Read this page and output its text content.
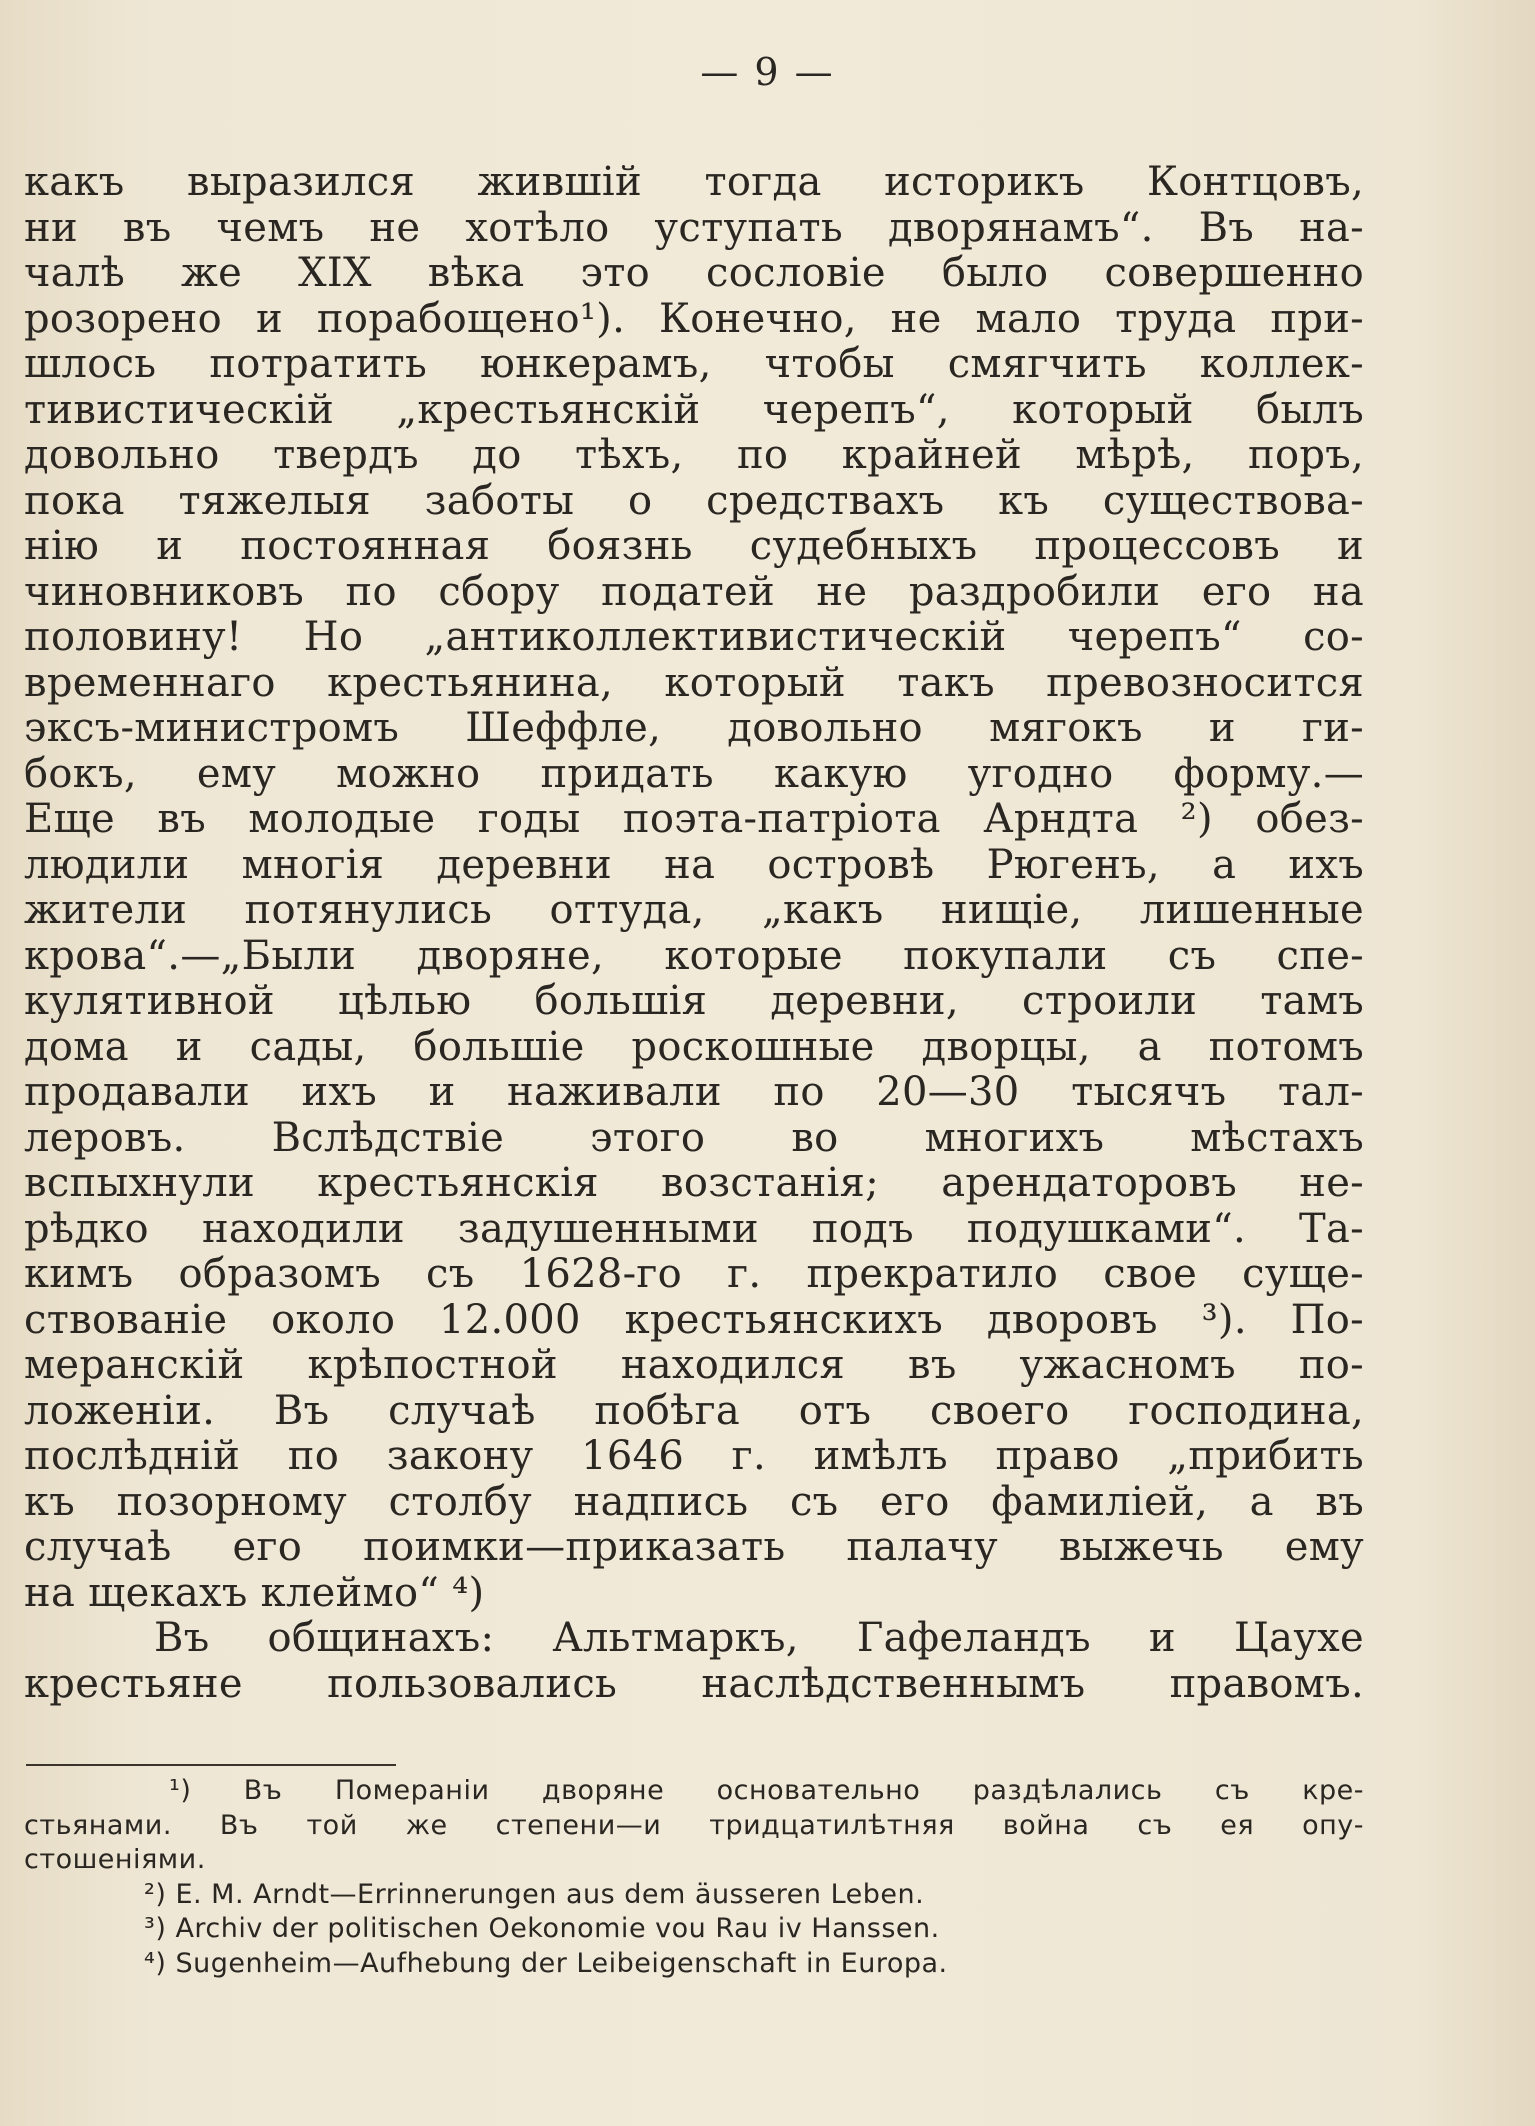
— 9 —
какъ выразился жившій тогда историкъ Контцовъ,
ни въ чемъ не хотѣло уступать дворянамъ“. Въ на-
чалѣ же XIX вѣка это сословіе было совершенно
розорено и порабощено¹). Конечно, не мало труда при-
шлось потратить юнкерамъ, чтобы смягчить коллек-
тивистическій „крестьянскій черепъ“, который былъ
довольно твердъ до тѣхъ, по крайней мѣрѣ, поръ,
пока тяжелыя заботы о средствахъ къ существова-
нію и постоянная боязнь судебныхъ процессовъ и
чиновниковъ по сбору податей не раздробили его на
половину! Но „антиколлективистическій черепъ“ со-
временнаго крестьянина, который такъ превозносится
эксъ-министромъ Шеффле, довольно мягокъ и ги-
бокъ, ему можно придать какую угодно форму.—
Еще въ молодые годы поэта-патріота Арндта ²) обез-
людили многія деревни на островѣ Рюгенъ, а ихъ
жители потянулись оттуда, „какъ нищіе, лишенные
крова“.—„Были дворяне, которые покупали съ спе-
кулятивной цѣлью большія деревни, строили тамъ
дома и сады, большіе роскошные дворцы, а потомъ
продавали ихъ и наживали по 20—30 тысячъ тал-
леровъ. Вслѣдствіе этого во многихъ мѣстахъ
вспыхнули крестьянскія возстанія; арендаторовъ не-
рѣдко находили задушенными подъ подушками“. Та-
кимъ образомъ съ 1628-го г. прекратило свое суще-
ствованіе около 12.000 крестьянскихъ дворовъ ³). По-
меранскій крѣпостной находился въ ужасномъ по-
ложеніи. Въ случаѣ побѣга отъ своего господина,
послѣдній по закону 1646 г. имѣлъ право „прибить
къ позорному столбу надпись съ его фамиліей, а въ
случаѣ его поимки—приказать палачу выжечь ему
на щекахъ клеймо“ ⁴)
Въ общинахъ: Альтмаркъ, Гафеландъ и Цаухе
крестьяне пользовались наслѣдственнымъ правомъ.
¹) Въ Помераніи дворяне основательно раздѣлались съ кре-
стьянами. Въ той же степени—и тридцатилѣтняя война съ ея опу-
стошеніями.
²) E. M. Arndt—Errinnerungen aus dem äusseren Leben.
³) Archiv der politischen Oekonomie vou Rau iv Hanssen.
⁴) Sugenheim—Aufhebung der Leibeigenschaft in Europa.
